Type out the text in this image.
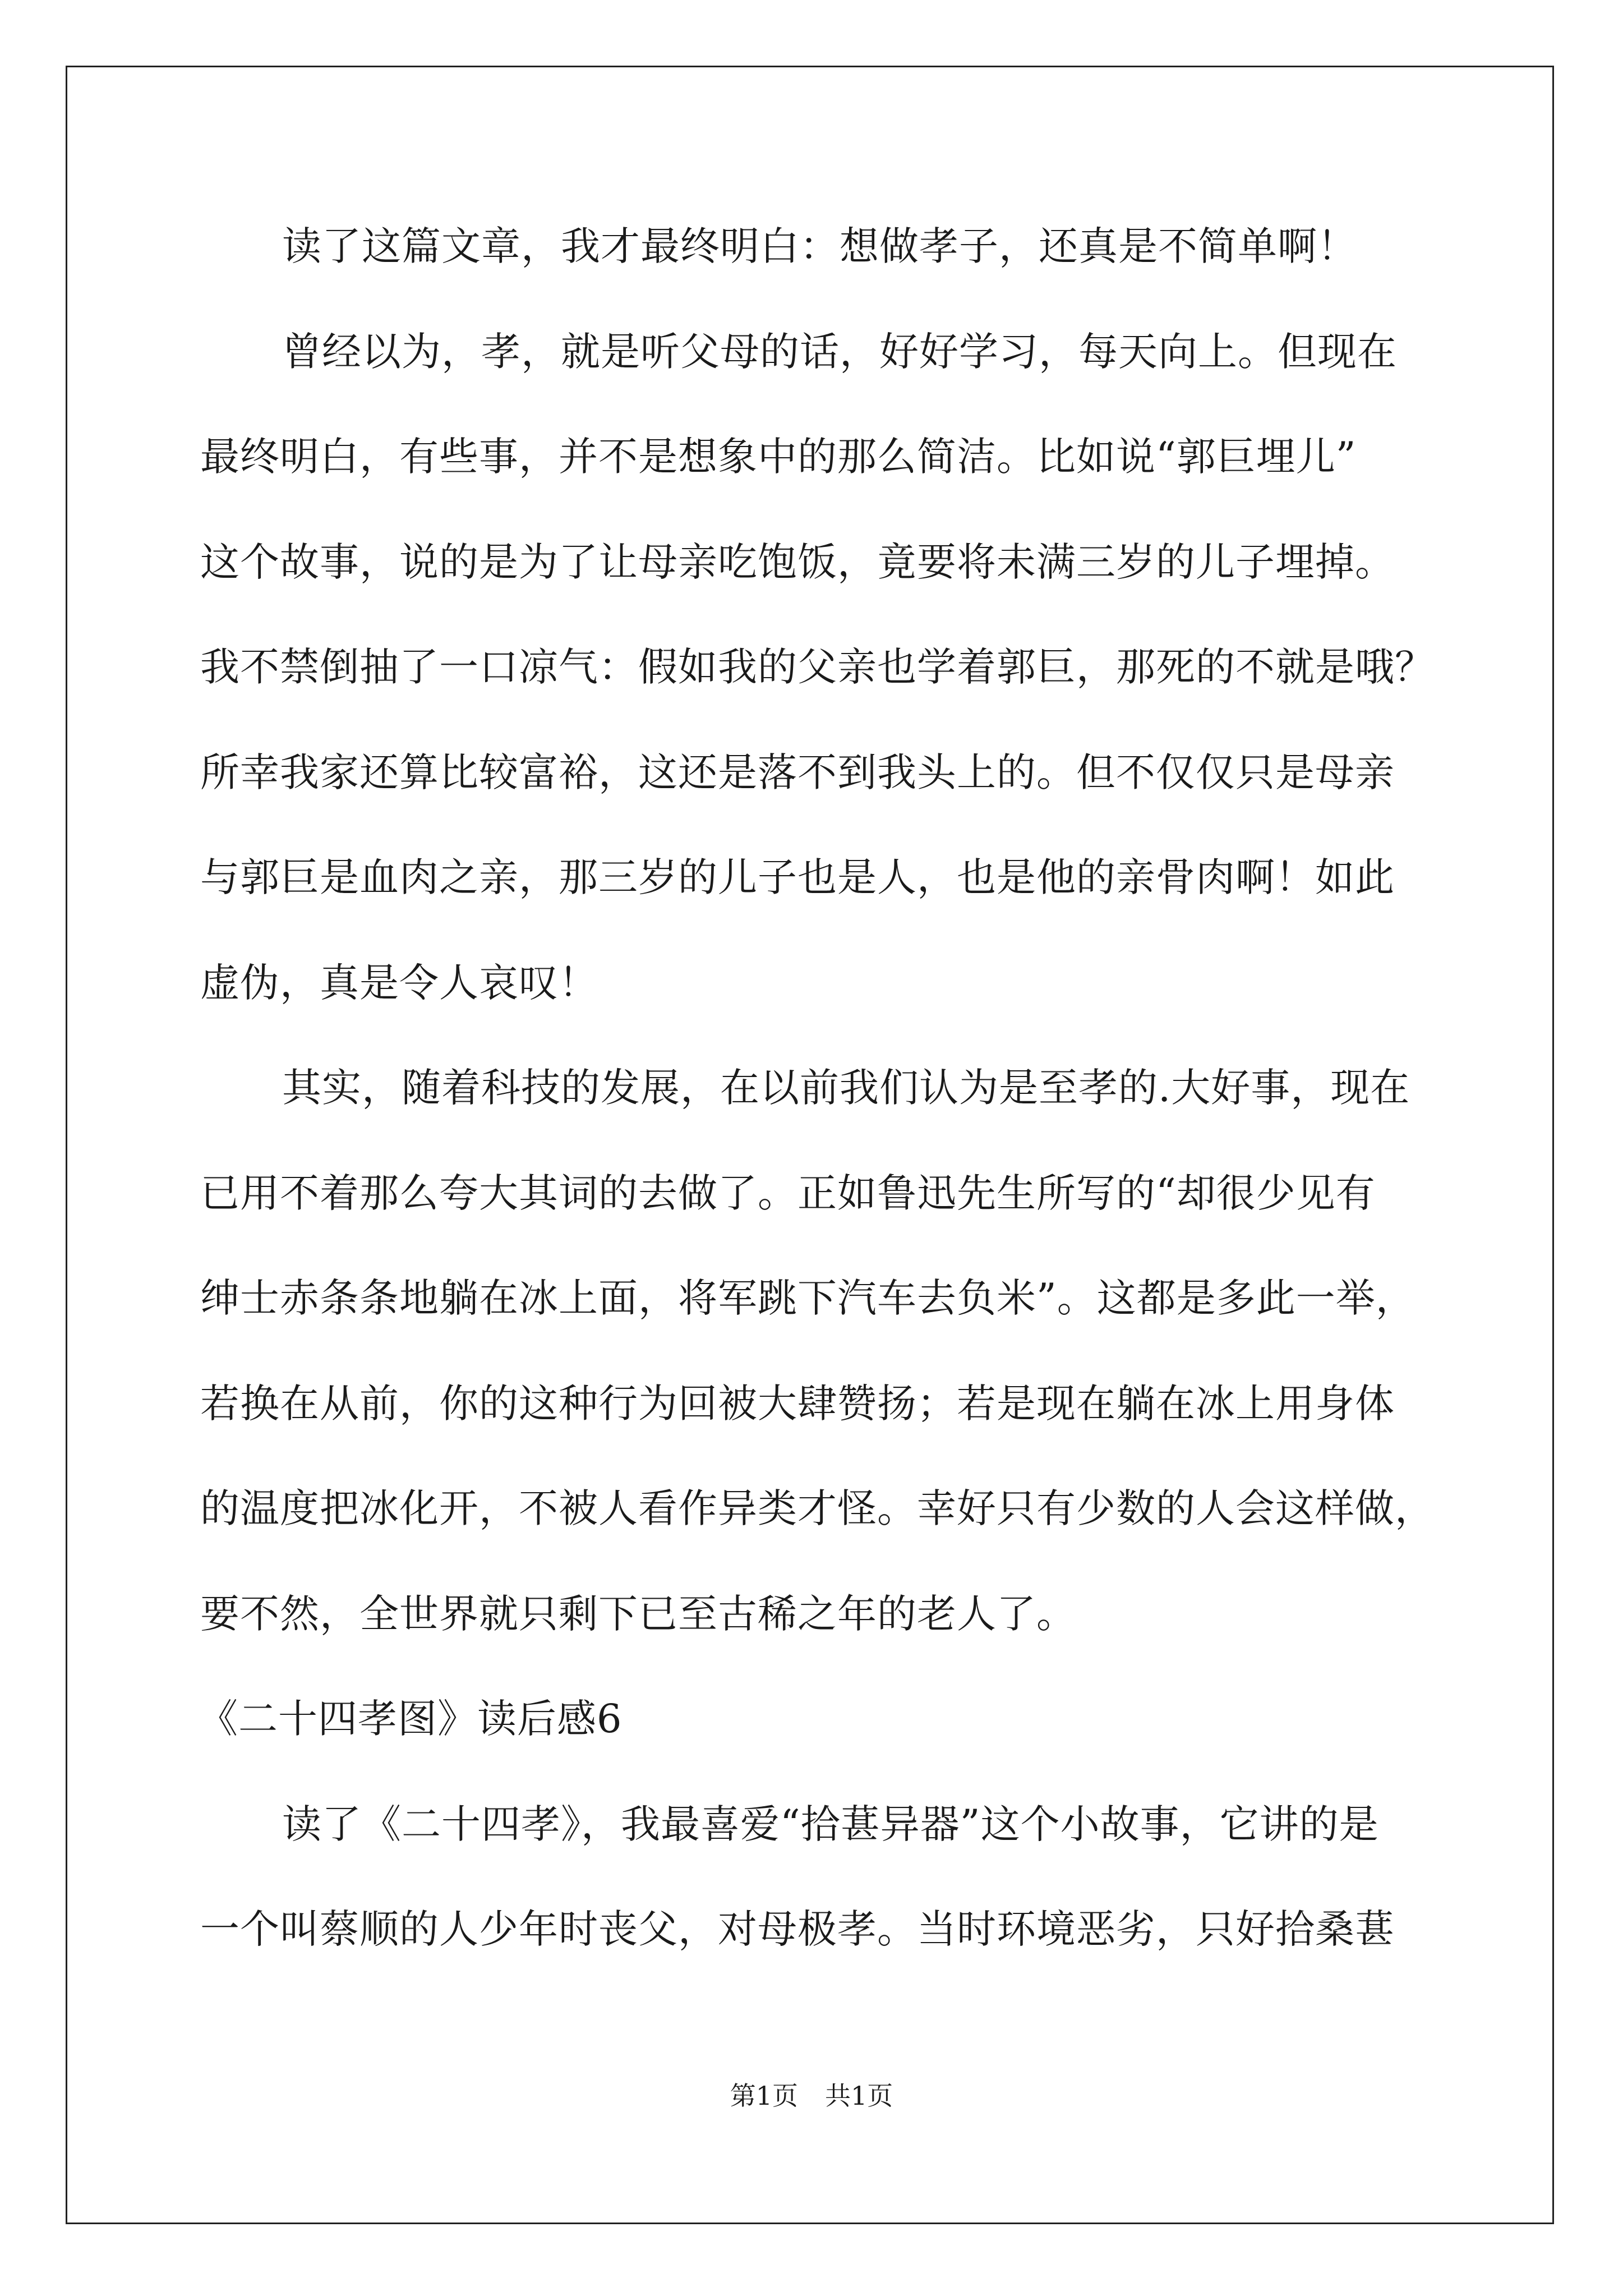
读了这篇文章，我才最终明白：想做孝子，还真是不简单啊！
曾经以为，孝，就是听父母的话，好好学习，每天向上。但现在
最终明白，有些事，并不是想象中的那么简洁。比如说“郭巨埋儿”
这个故事，说的是为了让母亲吃饱饭，竟要将未满三岁的儿子埋掉。
我不禁倒抽了一口凉气：假如我的父亲也学着郭巨，那死的不就是哦？
所幸我家还算比较富裕，这还是落不到我头上的。但不仅仅只是母亲
与郭巨是血肉之亲，那三岁的儿子也是人，也是他的亲骨肉啊！如此
虚伪，真是令人哀叹！
其实，随着科技的发展，在以前我们认为是至孝的.大好事，现在
已用不着那么夸大其词的去做了。正如鲁迅先生所写的“却很少见有
绅士赤条条地躺在冰上面，将军跳下汽车去负米”。这都是多此一举，
若换在从前，你的这种行为回被大肆赞扬；若是现在躺在冰上用身体
的温度把冰化开，不被人看作异类才怪。幸好只有少数的人会这样做，
要不然，全世界就只剩下已至古稀之年的老人了。
《二十四孝图》读后感6
读了《二十四孝》，我最喜爱“拾葚异器”这个小故事，它讲的是
一个叫蔡顺的人少年时丧父，对母极孝。当时环境恶劣，只好拾桑葚
第1页 共1页
